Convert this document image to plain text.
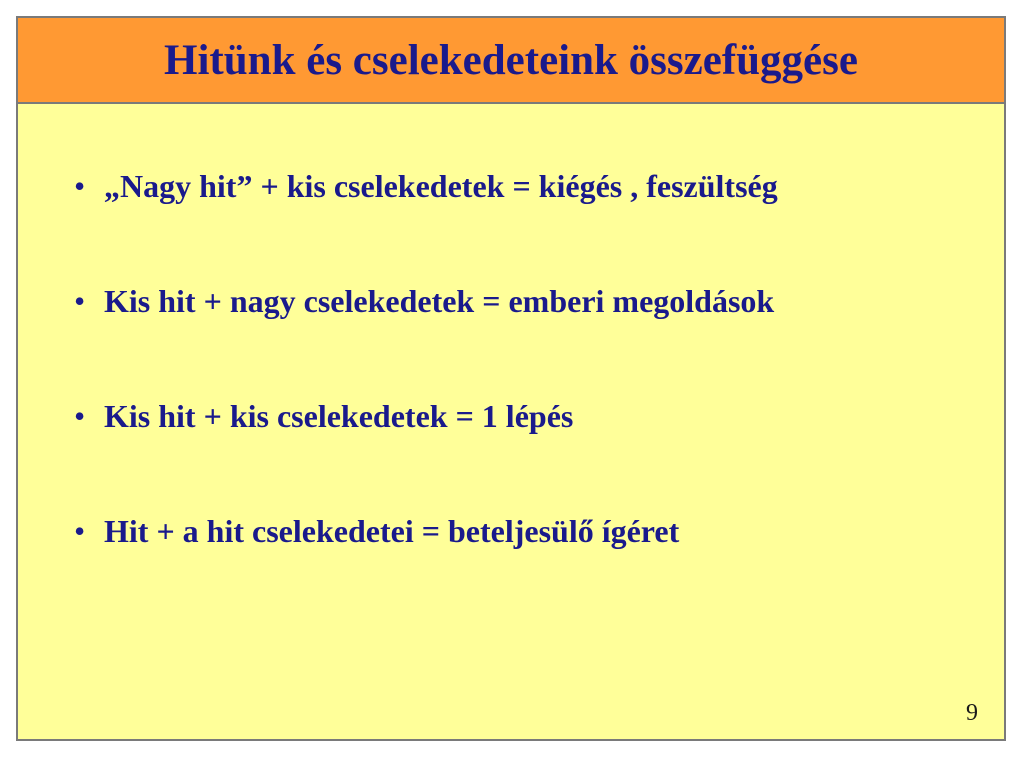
Hitünk és cselekedeteink összefüggése
• „Nagy hit” + kis cselekedetek = kiégés , feszültség
• Kis hit + nagy cselekedetek = emberi megoldások
• Kis hit + kis cselekedetek = 1 lépés
• Hit + a hit cselekedetei = beteljesülő ígéret
9
